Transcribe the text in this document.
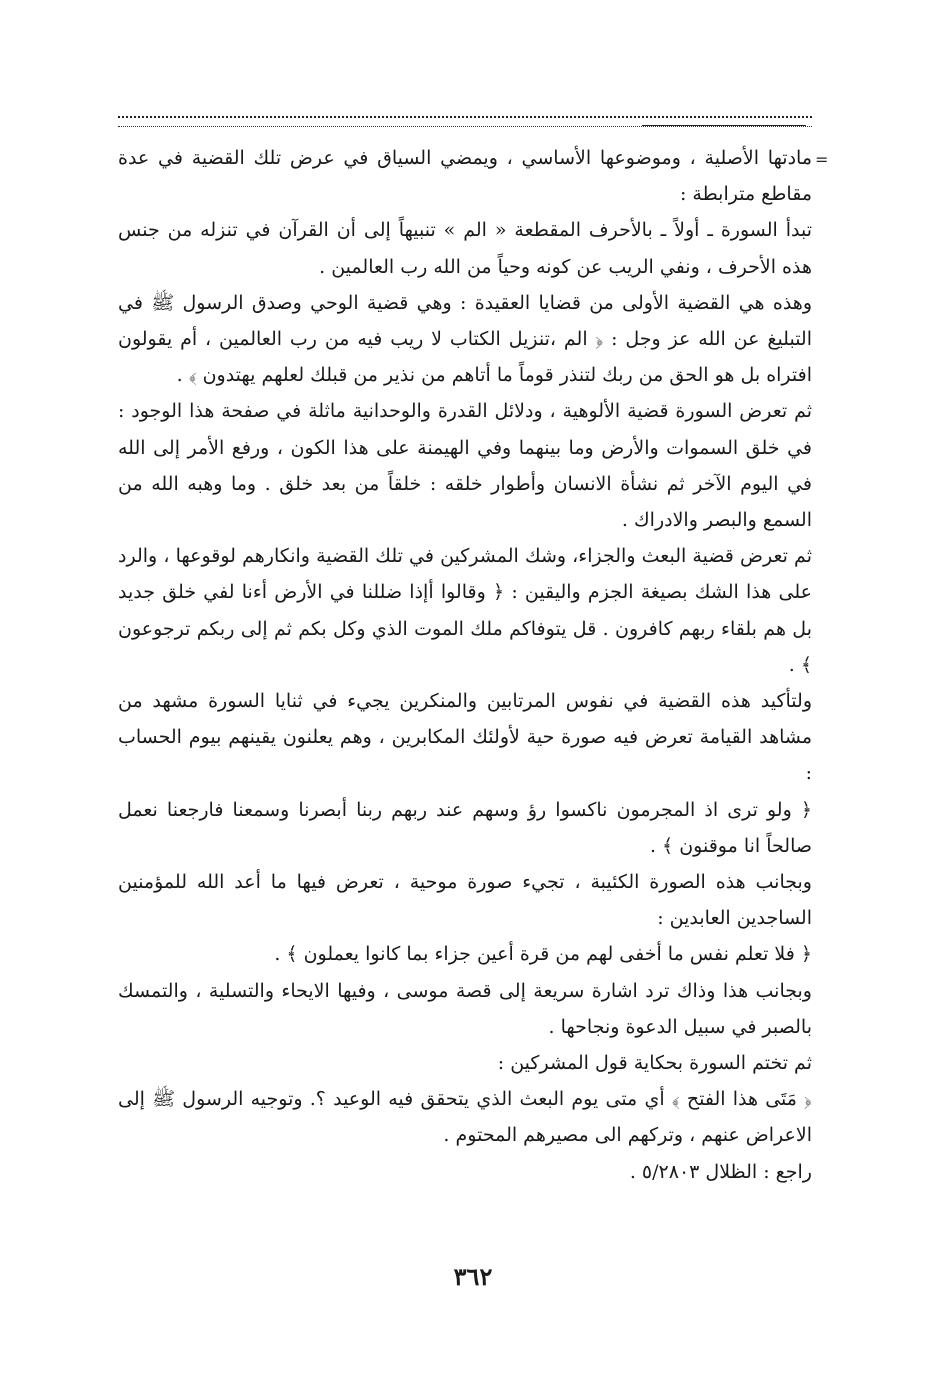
=

مادتها الأصلية ، وموضوعها الأساسي ، ويمضي السياق في عرض تلك القضية في عدة مقاطع مترابطة :

تبدأ السورة ـ أولاً ـ بالأحرف المقطعة « الم » تنبيهاً إلى أن القرآن في تنزله من جنس هذه الأحرف ، ونفي الريب عن كونه وحياً من الله رب العالمين .

وهذه هي القضية الأولى من قضايا العقيدة : وهي قضية الوحي وصدق الرسول ﷺ في التبليغ عن الله عز وجل : ﴿ الم ،تنزيل الكتاب لا ريب فيه من رب العالمين ، أم يقولون افتراه بل هو الحق من ربك لتنذر قوماً ما أتاهم من نذير من قبلك لعلهم يهتدون ﴾ .

ثم تعرض السورة قضية الألوهية ، ودلائل القدرة والوحدانية ماثلة في صفحة هذا الوجود : في خلق السموات والأرض وما بينهما وفي الهيمنة على هذا الكون ، ورفع الأمر إلى الله في اليوم الآخر ثم نشأة الانسان وأطوار خلقه : خلقاً من بعد خلق . وما وهبه الله من السمع والبصر والادراك .

ثم تعرض قضية البعث والجزاء، وشك المشركين في تلك القضية وانكارهم لوقوعها ، والرد على هذا الشك بصيغة الجزم واليقين : ﴿ وقالوا أإذا ضللنا في الأرض أءنا لفي خلق جديد بل هم بلقاء ربهم كافرون . قل يتوفاكم ملك الموت الذي وكل بكم ثم إلى ربكم ترجوعون ﴾ .

ولتأكيد هذه القضية في نفوس المرتابين والمنكرين يجيء في ثنايا السورة مشهد من مشاهد القيامة تعرض فيه صورة حية لأولئك المكابرين ، وهم يعلنون يقينهم بيوم الحساب :

﴿ ولو ترى اذ المجرمون ناكسوا رؤ وسهم عند ربهم ربنا أبصرنا وسمعنا فارجعنا نعمل صالحاً انا موقنون ﴾ .

وبجانب هذه الصورة الكئيبة ، تجيء صورة موحية ، تعرض فيها ما أعد الله للمؤمنين الساجدين العابدين :

﴿ فلا تعلم نفس ما أخفى لهم من قرة أعين جزاء بما كانوا يعملون ﴾ .

وبجانب هذا وذاك ترد اشارة سريعة إلى قصة موسى ، وفيها الايحاء والتسلية ، والتمسك بالصبر في سبيل الدعوة ونجاحها .

ثم تختم السورة بحكاية قول المشركين :

﴿ مَتَى هذا الفتح ﴾ أي متى يوم البعث الذي يتحقق فيه الوعيد ؟. وتوجيه الرسول ﷺ إلى الاعراض عنهم ، وتركهم الى مصيرهم المحتوم .

راجع : الظلال ٥/٢٨٠٣ .

٣٦٢
